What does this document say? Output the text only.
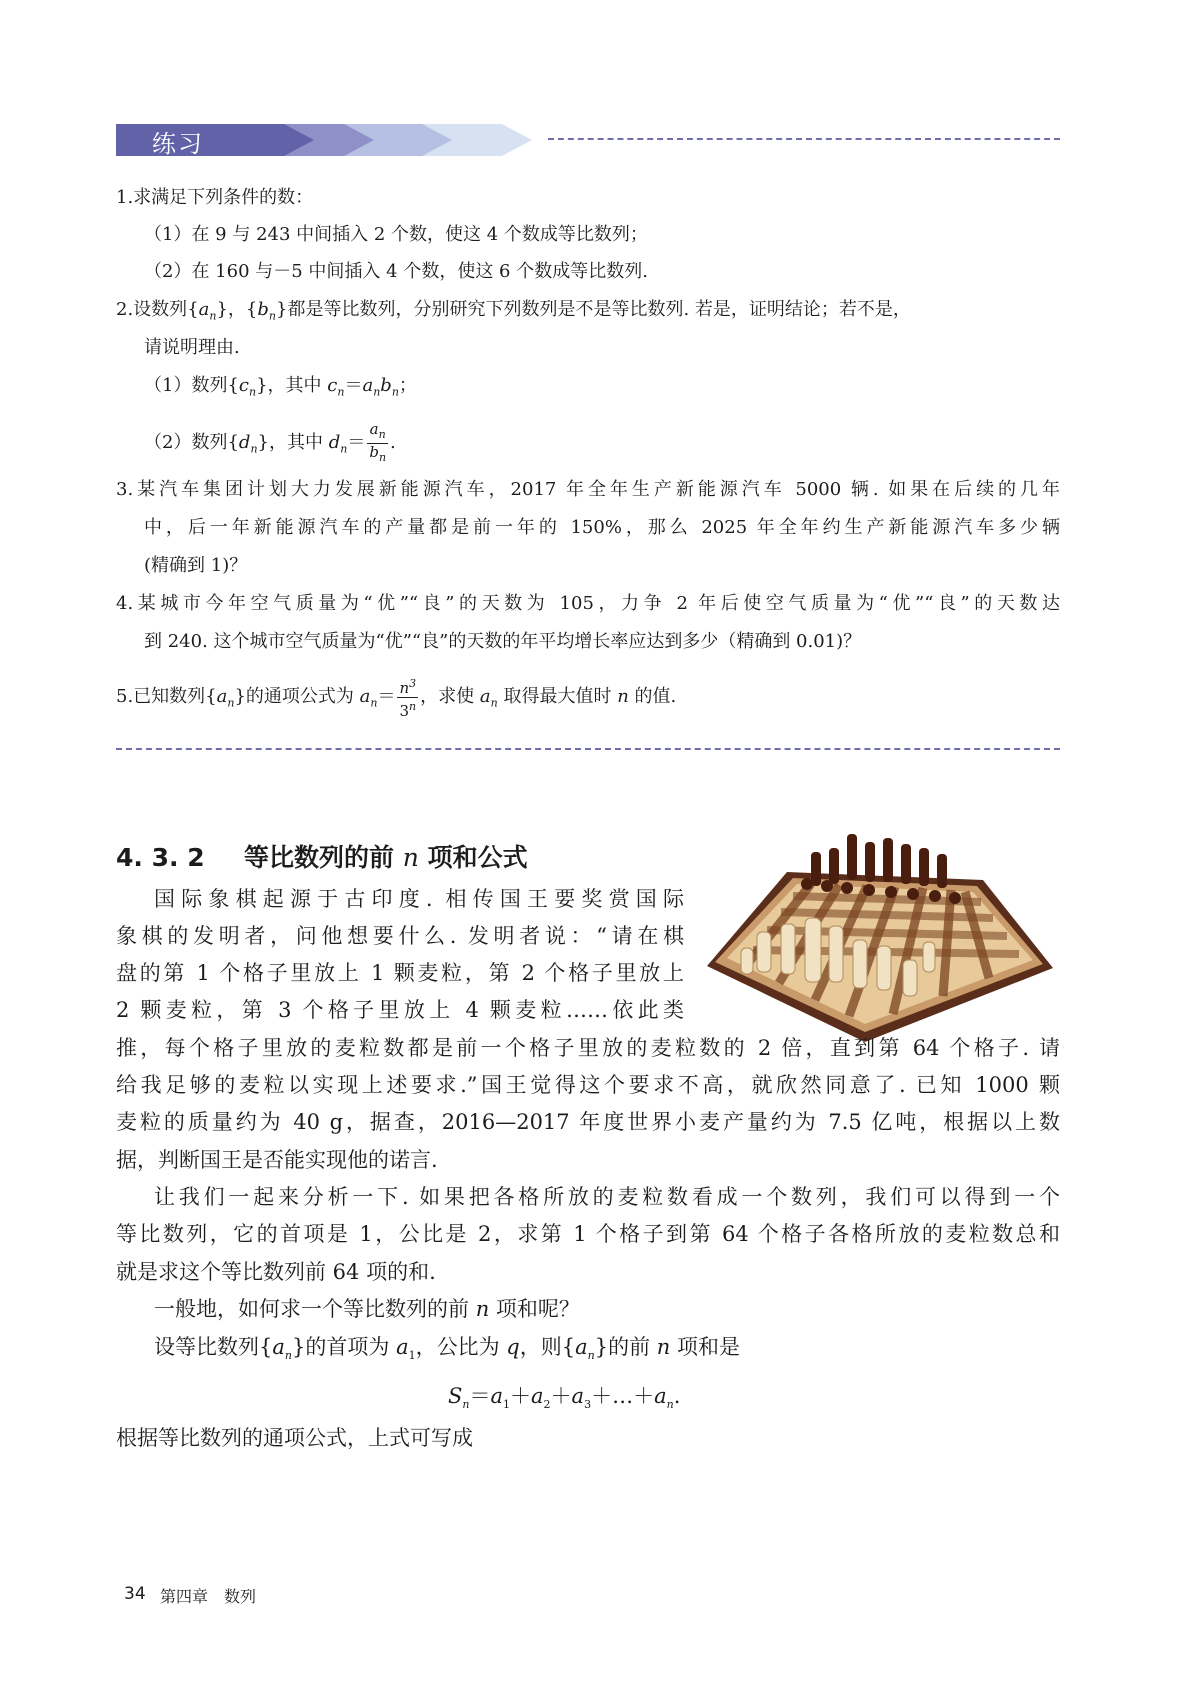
练习
1.求满足下列条件的数：
（1）在 9 与 243 中间插入 2 个数，使这 4 个数成等比数列；
（2）在 160 与－5 中间插入 4 个数，使这 6 个数成等比数列.
2.设数列$\{a_n\}$，$\{b_n\}$都是等比数列，分别研究下列数列是不是等比数列. 若是，证明结论；若不是，
请说明理由.
（1）数列$\{c_n\}$，其中 $c_n=a_nb_n$；
（2）数列$\{d_n\}$，其中 $d_n= \frac{a_n}{b_n}$ .
3.某汽车集团计划大力发展新能源汽车，2017 年全年生产新能源汽车 5000 辆. 如果在后续的几年
中，后一年新能源汽车的产量都是前一年的 150%，那么 2025 年全年约生产新能源汽车多少辆
(精确到 1)？
4.某城市今年空气质量为“优”“良”的天数为 105，力争 2 年后使空气质量为“优”“良”的天数达
到 240. 这个城市空气质量为“优”“良”的天数的年平均增长率应达到多少（精确到 0.01)？
5.已知数列$\{a_n\}$的通项公式为 $a_n= \frac{n^3}{3^n}$ ，求使 $a_n$ 取得最大值时 n 的值.
4. 3. 2 等比数列的前 n 项和公式
国际象棋起源于古印度. 相传国王要奖赏国际
象棋的发明者，问他想要什么. 发明者说：“请在棋
盘的第 1 个格子里放上 1 颗麦粒，第 2 个格子里放上
2 颗麦粒，第 3 个格子里放上 4 颗麦粒……依此类
推，每个格子里放的麦粒数都是前一个格子里放的麦粒数的 2 倍，直到第 64 个格子. 请
给我足够的麦粒以实现上述要求.”国王觉得这个要求不高，就欣然同意了. 已知 1000 颗
麦粒的质量约为 40 g，据查，2016—2017 年度世界小麦产量约为 7.5 亿吨，根据以上数
据，判断国王是否能实现他的诺言.
让我们一起来分析一下. 如果把各格所放的麦粒数看成一个数列，我们可以得到一个
等比数列，它的首项是 1，公比是 2，求第 1 个格子到第 64 个格子各格所放的麦粒数总和
就是求这个等比数列前 64 项的和.
一般地，如何求一个等比数列的前 n 项和呢？
设等比数列$\{a_n\}$的首项为 $a_1$，公比为 q，则$\{a_n\}$的前 n 项和是
$S_n=a_1+a_2+a_3+\dots+a_n$.
根据等比数列的通项公式，上式可写成
34 第四章　数列
